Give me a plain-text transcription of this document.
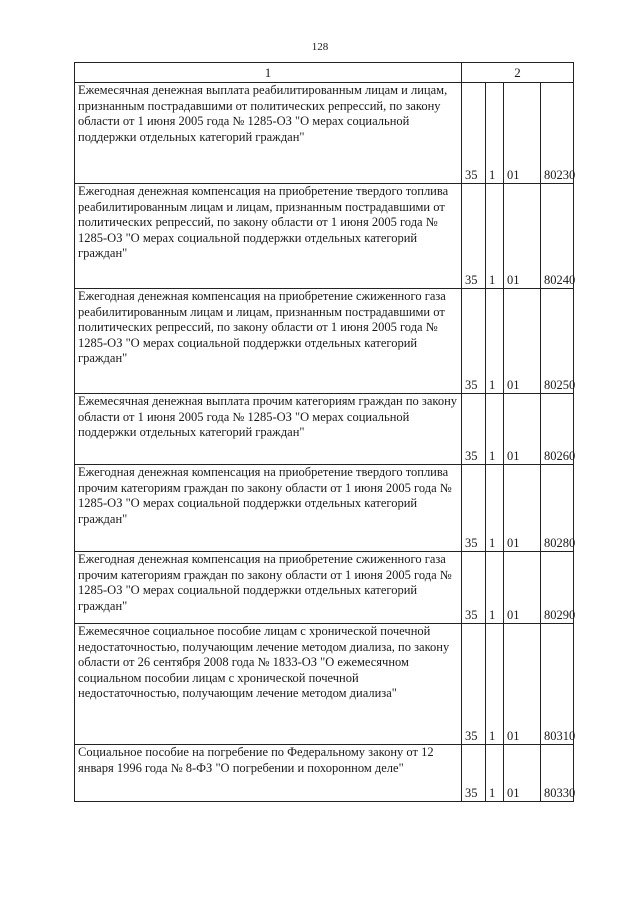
128
1	2			
Ежемесячная денежная выплата реабилитированным лицам и лицам, признанным пострадавшими от политических репрессий, по закону области от 1 июня 2005 года № 1285-ОЗ "О мерах социальной поддержки отдельных категорий граждан"	35	1	01	80230
Ежегодная денежная компенсация на приобретение твердого топлива реабилитированным лицам и лицам, признанным пострадавшими от политических репрессий, по закону области от 1 июня 2005 года № 1285-ОЗ "О мерах социальной поддержки отдельных категорий граждан"	35	1	01	80240
Ежегодная денежная компенсация на приобретение сжиженного газа реабилитированным лицам и лицам, признанным пострадавшими от политических репрессий, по закону области от 1 июня 2005 года № 1285-ОЗ "О мерах социальной поддержки отдельных категорий граждан"	35	1	01	80250
Ежемесячная денежная выплата прочим категориям граждан по закону области от 1 июня 2005 года № 1285-ОЗ "О мерах социальной поддержки отдельных категорий граждан"	35	1	01	80260
Ежегодная денежная компенсация на приобретение твердого топлива прочим категориям граждан по закону области от 1 июня 2005 года № 1285-ОЗ "О мерах социальной поддержки отдельных категорий граждан"	35	1	01	80280
Ежегодная денежная компенсация на приобретение сжиженного газа прочим категориям граждан по закону области от 1 июня 2005 года № 1285-ОЗ "О мерах социальной поддержки отдельных категорий граждан"	35	1	01	80290
Ежемесячное социальное пособие лицам с хронической почечной недостаточностью, получающим лечение методом диализа, по закону области от 26 сентября 2008 года № 1833-ОЗ "О ежемесячном социальном пособии лицам с хронической почечной недостаточностью, получающим лечение методом диализа"	35	1	01	80310
Социальное пособие на погребение по Федеральному закону от 12 января 1996 года № 8-ФЗ "О погребении и похоронном деле"	35	1	01	80330
